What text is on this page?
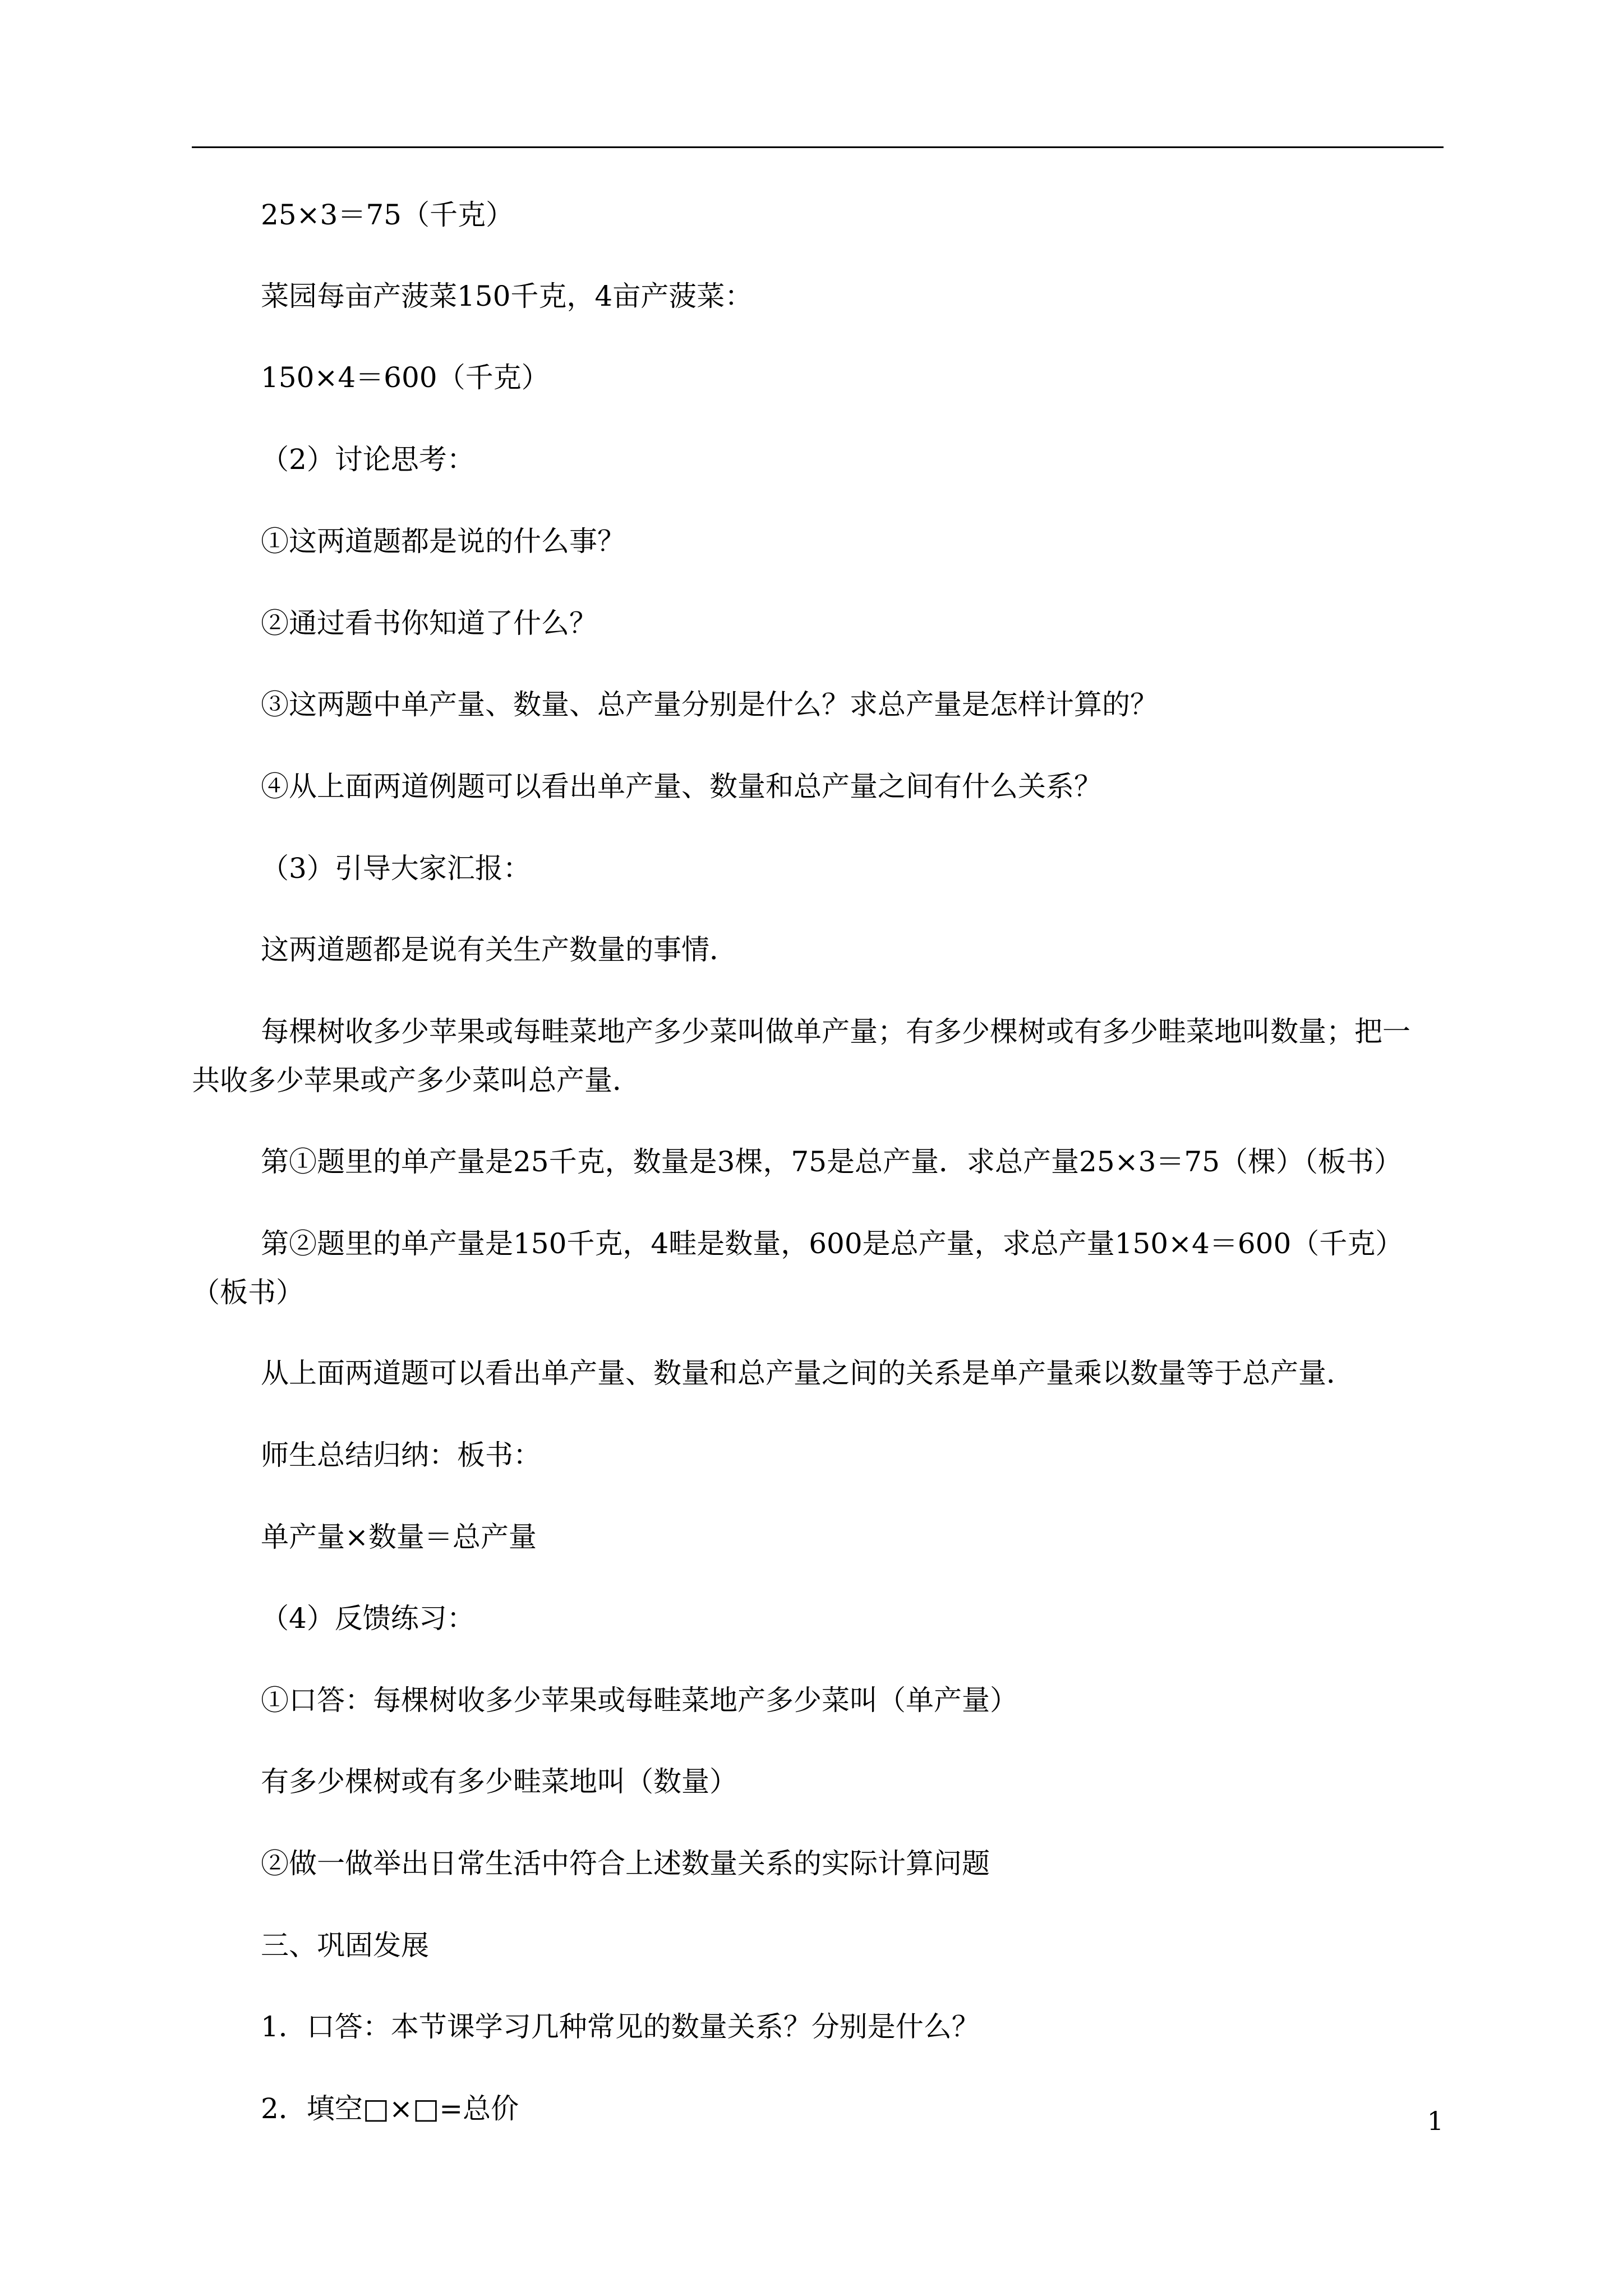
25×3＝75（千克）

菜园每亩产菠菜150千克，4亩产菠菜：

150×4＝600（千克）

（2）讨论思考：

①这两道题都是说的什么事？

②通过看书你知道了什么？

③这两题中单产量、数量、总产量分别是什么？求总产量是怎样计算的？

④从上面两道例题可以看出单产量、数量和总产量之间有什么关系？

（3）引导大家汇报：

这两道题都是说有关生产数量的事情．

每棵树收多少苹果或每畦菜地产多少菜叫做单产量；有多少棵树或有多少畦菜地叫数量；把一
共收多少苹果或产多少菜叫总产量．

第①题里的单产量是25千克，数量是3棵，75是总产量．求总产量25×3＝75（棵）（板书）

第②题里的单产量是150千克，4畦是数量，600是总产量，求总产量150×4＝600（千克）
（板书）

从上面两道题可以看出单产量、数量和总产量之间的关系是单产量乘以数量等于总产量．

师生总结归纳：板书：

单产量×数量＝总产量

（4）反馈练习：

①口答：每棵树收多少苹果或每畦菜地产多少菜叫（单产量）

有多少棵树或有多少畦菜地叫（数量）

②做一做举出日常生活中符合上述数量关系的实际计算问题

三、巩固发展

1．口答：本节课学习几种常见的数量关系？分别是什么？

2．填空□×□=总价	1
